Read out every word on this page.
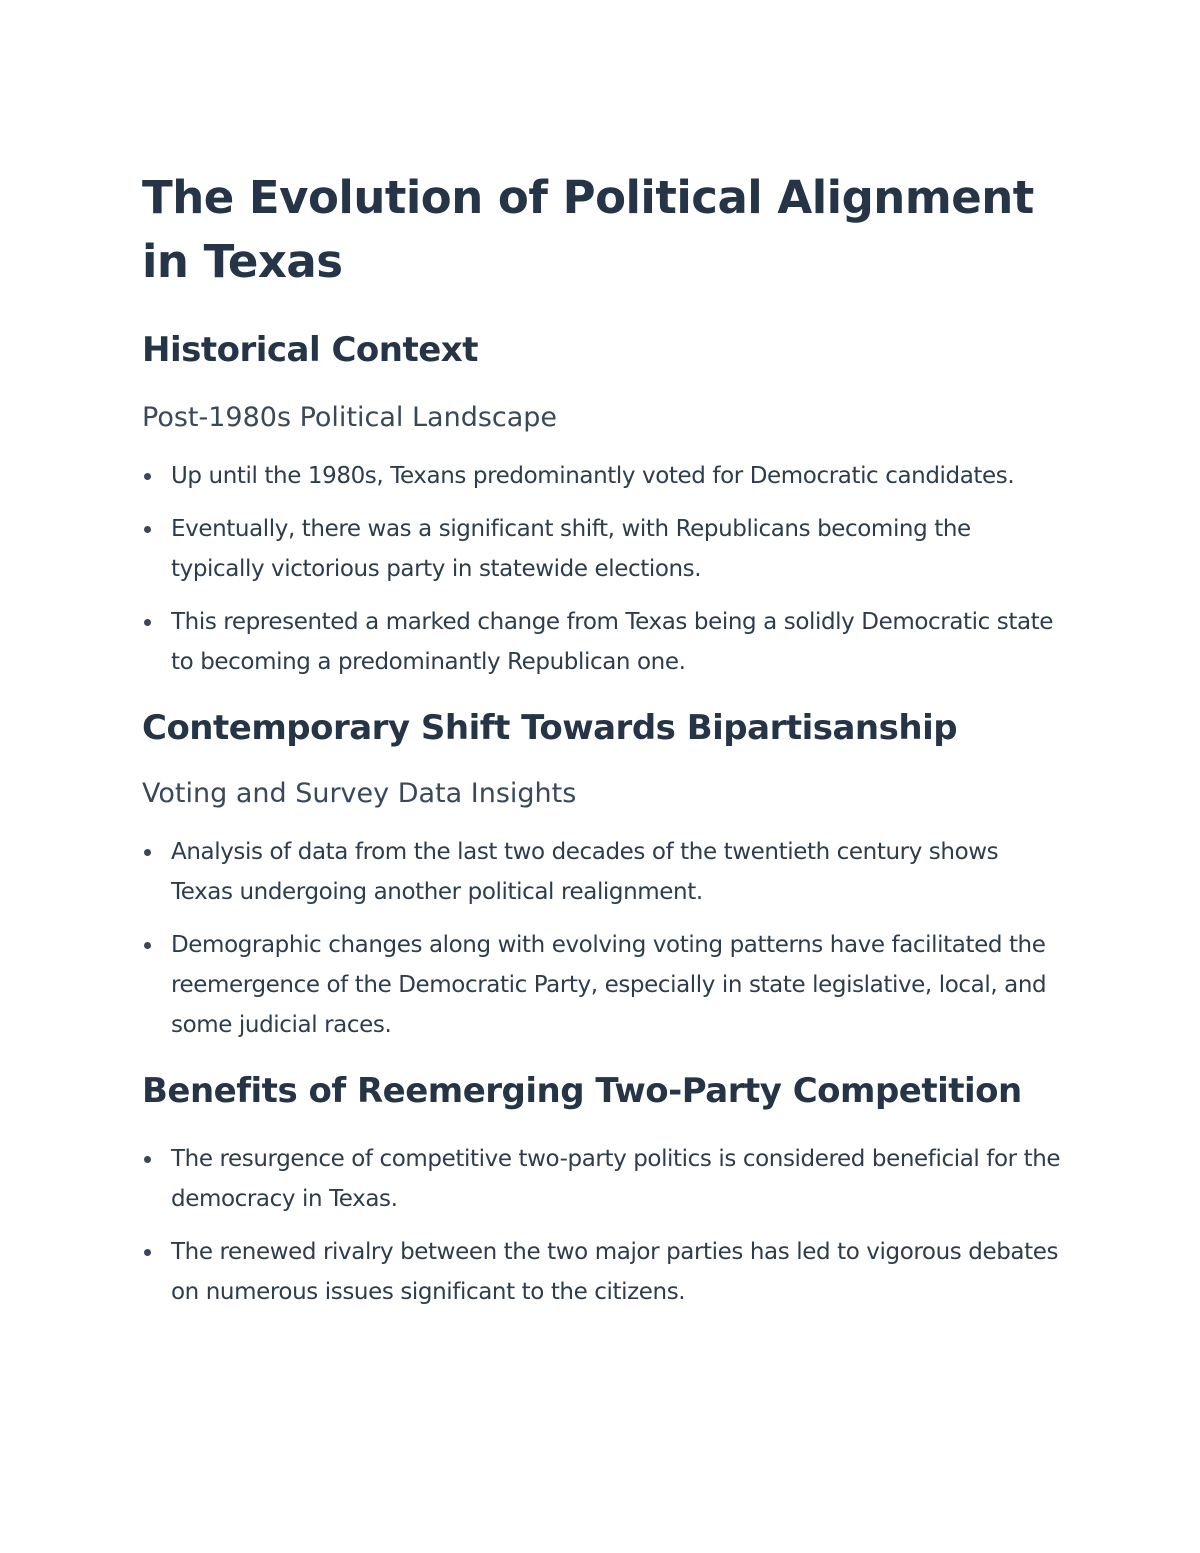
The Evolution of Political Alignment in Texas
Historical Context
Post-1980s Political Landscape
Up until the 1980s, Texans predominantly voted for Democratic candidates.
Eventually, there was a significant shift, with Republicans becoming the typically victorious party in statewide elections.
This represented a marked change from Texas being a solidly Democratic state to becoming a predominantly Republican one.
Contemporary Shift Towards Bipartisanship
Voting and Survey Data Insights
Analysis of data from the last two decades of the twentieth century shows Texas undergoing another political realignment.
Demographic changes along with evolving voting patterns have facilitated the reemergence of the Democratic Party, especially in state legislative, local, and some judicial races.
Benefits of Reemerging Two-Party Competition
The resurgence of competitive two-party politics is considered beneficial for the democracy in Texas.
The renewed rivalry between the two major parties has led to vigorous debates on numerous issues significant to the citizens.
